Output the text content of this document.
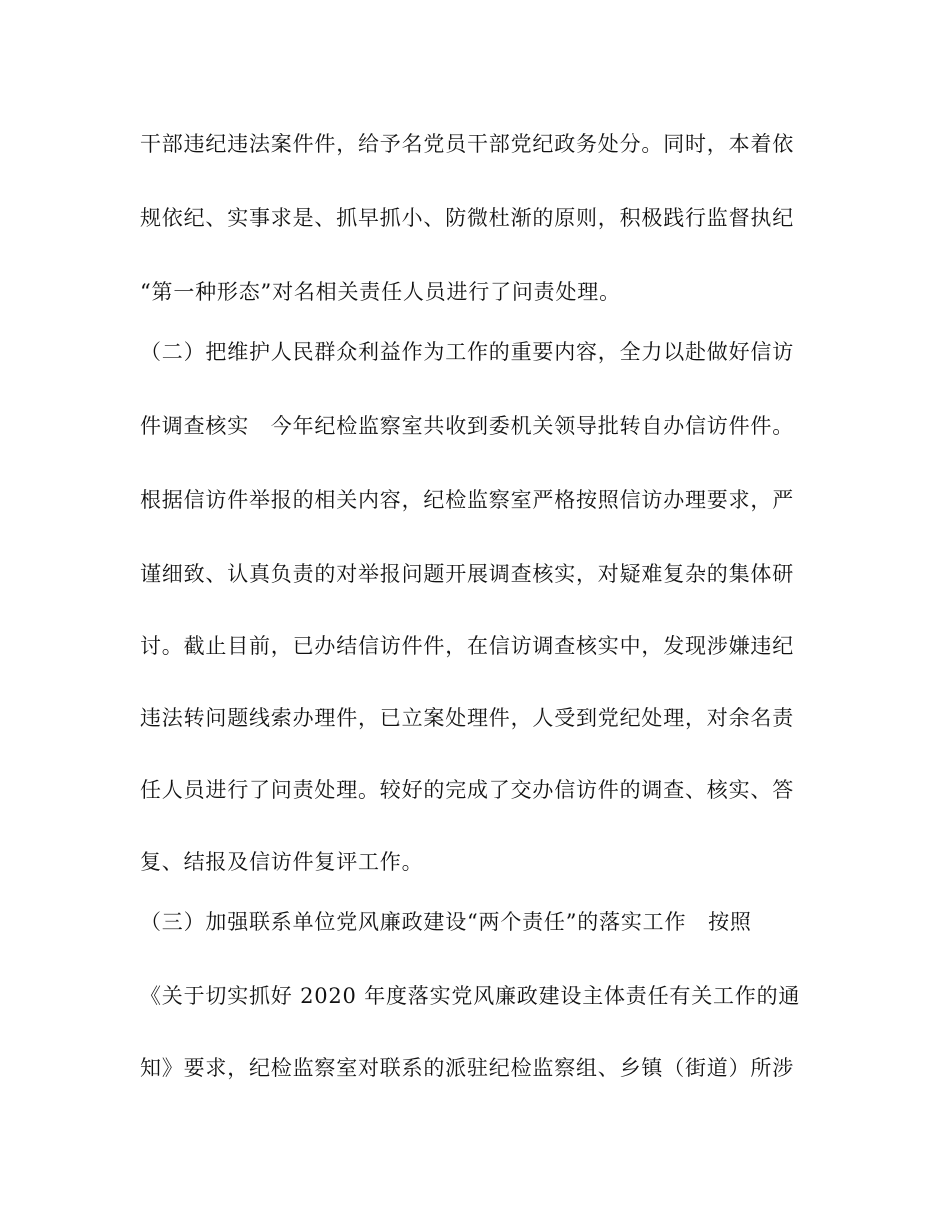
干部违纪违法案件件，给予名党员干部党纪政务处分。同时，本着依
规依纪、实事求是、抓早抓小、防微杜渐的原则，积极践行监督执纪
“第一种形态”对名相关责任人员进行了问责处理。
（二）把维护人民群众利益作为工作的重要内容，全力以赴做好信访
件调查核实　今年纪检监察室共收到委机关领导批转自办信访件件。
根据信访件举报的相关内容，纪检监察室严格按照信访办理要求，严
谨细致、认真负责的对举报问题开展调查核实，对疑难复杂的集体研
讨。截止目前，已办结信访件件，在信访调查核实中，发现涉嫌违纪
违法转问题线索办理件，已立案处理件，人受到党纪处理，对余名责
任人员进行了问责处理。较好的完成了交办信访件的调查、核实、答
复、结报及信访件复评工作。
（三）加强联系单位党风廉政建设“两个责任”的落实工作　按照
《关于切实抓好 2020 年度落实党风廉政建设主体责任有关工作的通
知》要求，纪检监察室对联系的派驻纪检监察组、乡镇（街道）所涉
